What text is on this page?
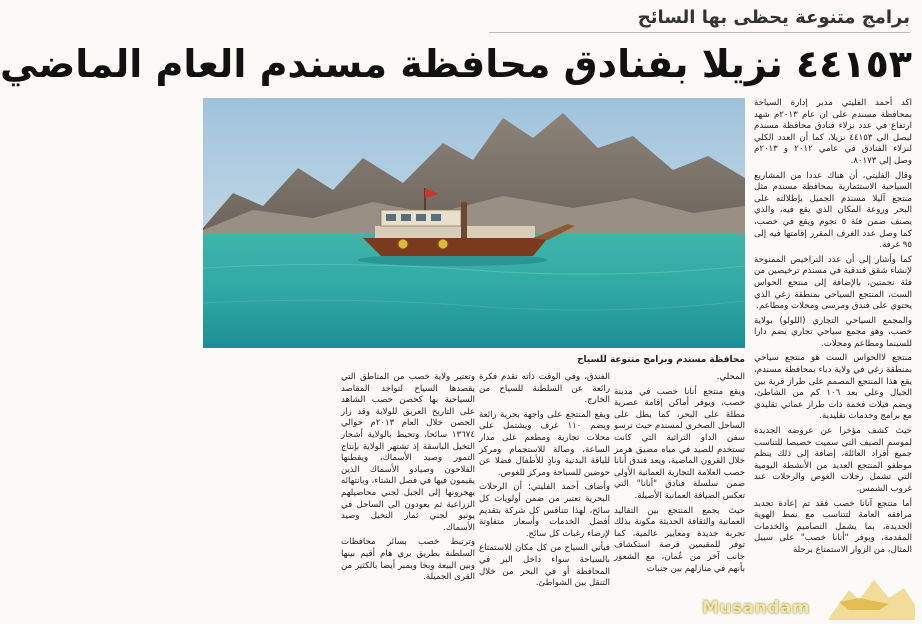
برامج متنوعة يحظى بها السائح
٤٤١٥٣ نزيلا بفنادق محافظة مسندم العام الماضي
محافظة مسندم وبرامج متنوعة للسياح

اكد أحمد الفليتي مدير إدارة السياحة بمحافظة مسندم على ان عام ٢٠١٣م شهد ارتفاع في عدد نزلاء فنادق محافظة مسندم ليصل الى ٤٤١٥٣ نزيلا، كما أن العدد الكلي لنزلاء الفنادق في عامي ٢٠١٢ و ٢٠١٣م وصل إلى ٨٠١٧٣.

وقال الفليتي، أن هناك عددا من المشاريع السياحية الاستثمارية بمحافظة مسندم مثل منتجع آليلا مسندم الجميل بإطلالته على البحر وروعة المكان الذي يقع فيه، والذي يصنف ضمن فئة ٥ نجوم ويقع في خصب، كما وصل عدد الغرف المقرر إقامتها فيه إلى ٩٥ غرفة.

كما وأشار إلى أن عدد التراخيص الممنوحة لإنشاء شقق فندقية في مسندم ترخيصين من فئة نجمتين، بالإضافة إلى منتجع الحواس الست، المنتجع السياحي بمنطقة زغي الذي يحتوي على فندق ومرسى ومحلات ومطاعم.

والمجمع السياحي التجاري (اللولو) بولاية خصب، وهو مجمع سياحي تجاري يضم دارا للسينما ومطاعم ومحلات.

منتجع لاالحواس الست هو منتجع سياحي بمنطقة زغي في ولاية دباء بمحافظة مسندم، يقع هذا المنتجع المصمم على طراز قرية بين الجبال وعلى بعد ١٠٦ كم من الشاطئ، ويضم فيلات فخمة ذات طراز عماني تقليدي مع برامج وخدمات تقليدية.

حيث كشف مؤخرا عن عروضه الجديدة لموسم الصيف التي سميت خصيصا للتناسب جميع أفراد العائلة، إضافة إلى ذلك ينظم موظفو المنتجع العديد من الأنشطة اليومية التي تشمل رحلات الغوص والرحلات عند غروب الشمس.

أما منتجع آنانا خصب فقد تم إعادة تجديد مرافقه العامة لتتناسب مع نمط الهوية الجديدة، بما يشمل التصاميم والخدمات المقدمة، ويوفر "أنانا خصب" على سبيل المثال، من الزوار الاستمتاع برحلة

المحلي.

ويقع منتجع أنانا خصب في مدينة خصب، ويوفر أماكن إقامة عصرية مطلة على البحر، كما يطل على الساحل الصخري لمسندم حيث ترسو سفن الداو التراثية التي كانت تستخدم للصيد في مياه مضيق هرمز خلال القرون الماضية، ويعد فندق أنانا خصب العلامة التجارية العمانية الأولى ضمن سلسلة فنادق "أنانا" التي تعكس الضيافة العمانية الأصيلة.

حيث يجمع المنتجع بين التقاليد العمانية والثقافة الحديثة مكونة بذلك تجربة جديدة ومعايير عالمية، كما توفر للمقيمين فرصة استكشاف جانب آخر من عُمان، مع الشعور بأنهم في منازلهم بين جنبات

الفندق، وفي الوقت ذاته تقدم فكرة رائعة عن السلطنة للسياح من الخارج.

ويقع المنتجع على واجهة بحرية رائعة ويضم ١١٠ غرف ويشتمل على محلات تجارية ومطعم على مدار الساعة، وصالة للاستجمام ومركز للياقة البدنية ونادٍ للأطفال فضلا عن حوضين للسباحة ومركز للغوص.

وأضاف أحمد الفليتي: أن الرحلات البحرية تعتبر من ضمن أولويات كل سائح، لهذا تتنافس كل شركة بتقديم أفضل الخدمات وأسعار متفاوتة لإرضاء رغبات كل سائح.

فيأتي السياح من كل مكان للاستمتاع بالسياحة سواء داخل البر في المحافظة أو في البحر من خلال التنقل بين الشواطئ.

وتعتبر ولاية خصب من المناطق التي يقصدها السياح لتواجد المقاصد السياحية بها كحصن خصب الشاهد على التاريخ العريق للولاية وقد زار الحصن خلال العام ٢٠١٣م حوالي ١٣٦٧٤ سائحا، وتحيط بالولاية أشجار النخيل الباسقة إذ تشتهر الولاية بإنتاج التمور وصيد الأسماك، ويقطنها الفلاحون وصيادو الأسماك الذين يقيمون فيها في فصل الشتاء، وبانتهائه يهجرونها إلى الجبل لجني محاصيلهم الزراعية ثم يعودون الى الساحل في يونيو لجني ثمار النخيل وصيد الأسماك.

وترتبط خصب بسائر محافظات السلطنة بطريق بري هام أقيم بينها وبين البيعة وبخا وبمبر أيضا بالكثير من القرى الجميلة.

Musandam
